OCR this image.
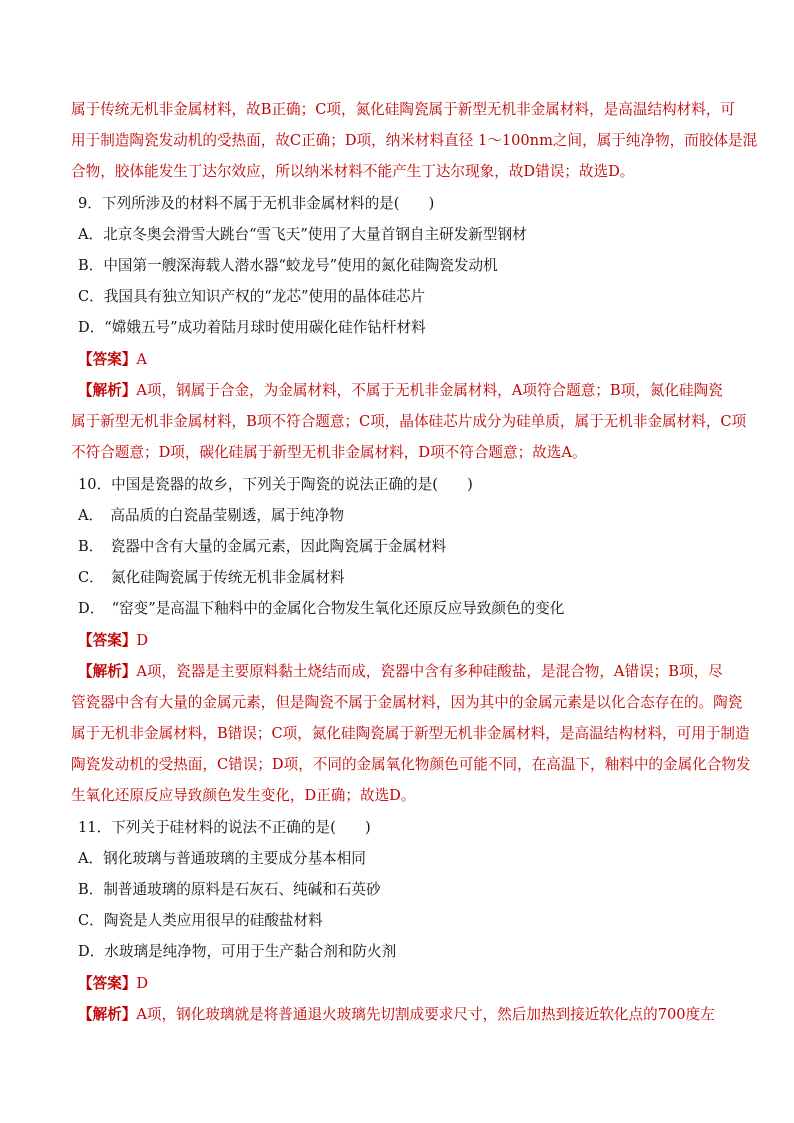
属于传统无机非金属材料，故B正确；C项，氮化硅陶瓷属于新型无机非金属材料，是高温结构材料，可
用于制造陶瓷发动机的受热面，故C正确；D项，纳米材料直径 1～100nm之间，属于纯净物，而胶体是混
合物，胶体能发生丁达尔效应，所以纳米材料不能产生丁达尔现象，故D错误；故选D。
9．下列所涉及的材料不属于无机非金属材料的是(　　)
A．北京冬奥会滑雪大跳台“雪飞天”使用了大量首钢自主研发新型钢材
B．中国第一艘深海载人潜水器“蛟龙号”使用的氮化硅陶瓷发动机
C．我国具有独立知识产权的“龙芯”使用的晶体硅芯片
D．“嫦娥五号”成功着陆月球时使用碳化硅作钻杆材料
【答案】A
【解析】A项，钢属于合金，为金属材料，不属于无机非金属材料，A项符合题意；B项，氮化硅陶瓷
属于新型无机非金属材料，B项不符合题意；C项，晶体硅芯片成分为硅单质，属于无机非金属材料，C项
不符合题意；D项，碳化硅属于新型无机非金属材料，D项不符合题意；故选A。
10．中国是瓷器的故乡，下列关于陶瓷的说法正确的是(　　)
A．　高品质的白瓷晶莹剔透，属于纯净物
B．　瓷器中含有大量的金属元素，因此陶瓷属于金属材料
C．　氮化硅陶瓷属于传统无机非金属材料
D．　“窑变”是高温下釉料中的金属化合物发生氧化还原反应导致颜色的变化
【答案】D
【解析】A项，瓷器是主要原料黏土烧结而成，瓷器中含有多种硅酸盐，是混合物，A错误；B项，尽
管瓷器中含有大量的金属元素，但是陶瓷不属于金属材料，因为其中的金属元素是以化合态存在的。陶瓷
属于无机非金属材料，B错误；C项，氮化硅陶瓷属于新型无机非金属材料，是高温结构材料，可用于制造
陶瓷发动机的受热面，C错误；D项，不同的金属氧化物颜色可能不同，在高温下，釉料中的金属化合物发
生氧化还原反应导致颜色发生变化，D正确；故选D。
11．下列关于硅材料的说法不正确的是(　　)
A．钢化玻璃与普通玻璃的主要成分基本相同
B．制普通玻璃的原料是石灰石、纯碱和石英砂
C．陶瓷是人类应用很早的硅酸盐材料
D．水玻璃是纯净物，可用于生产黏合剂和防火剂
【答案】D
【解析】A项，钢化玻璃就是将普通退火玻璃先切割成要求尺寸，然后加热到接近软化点的700度左
